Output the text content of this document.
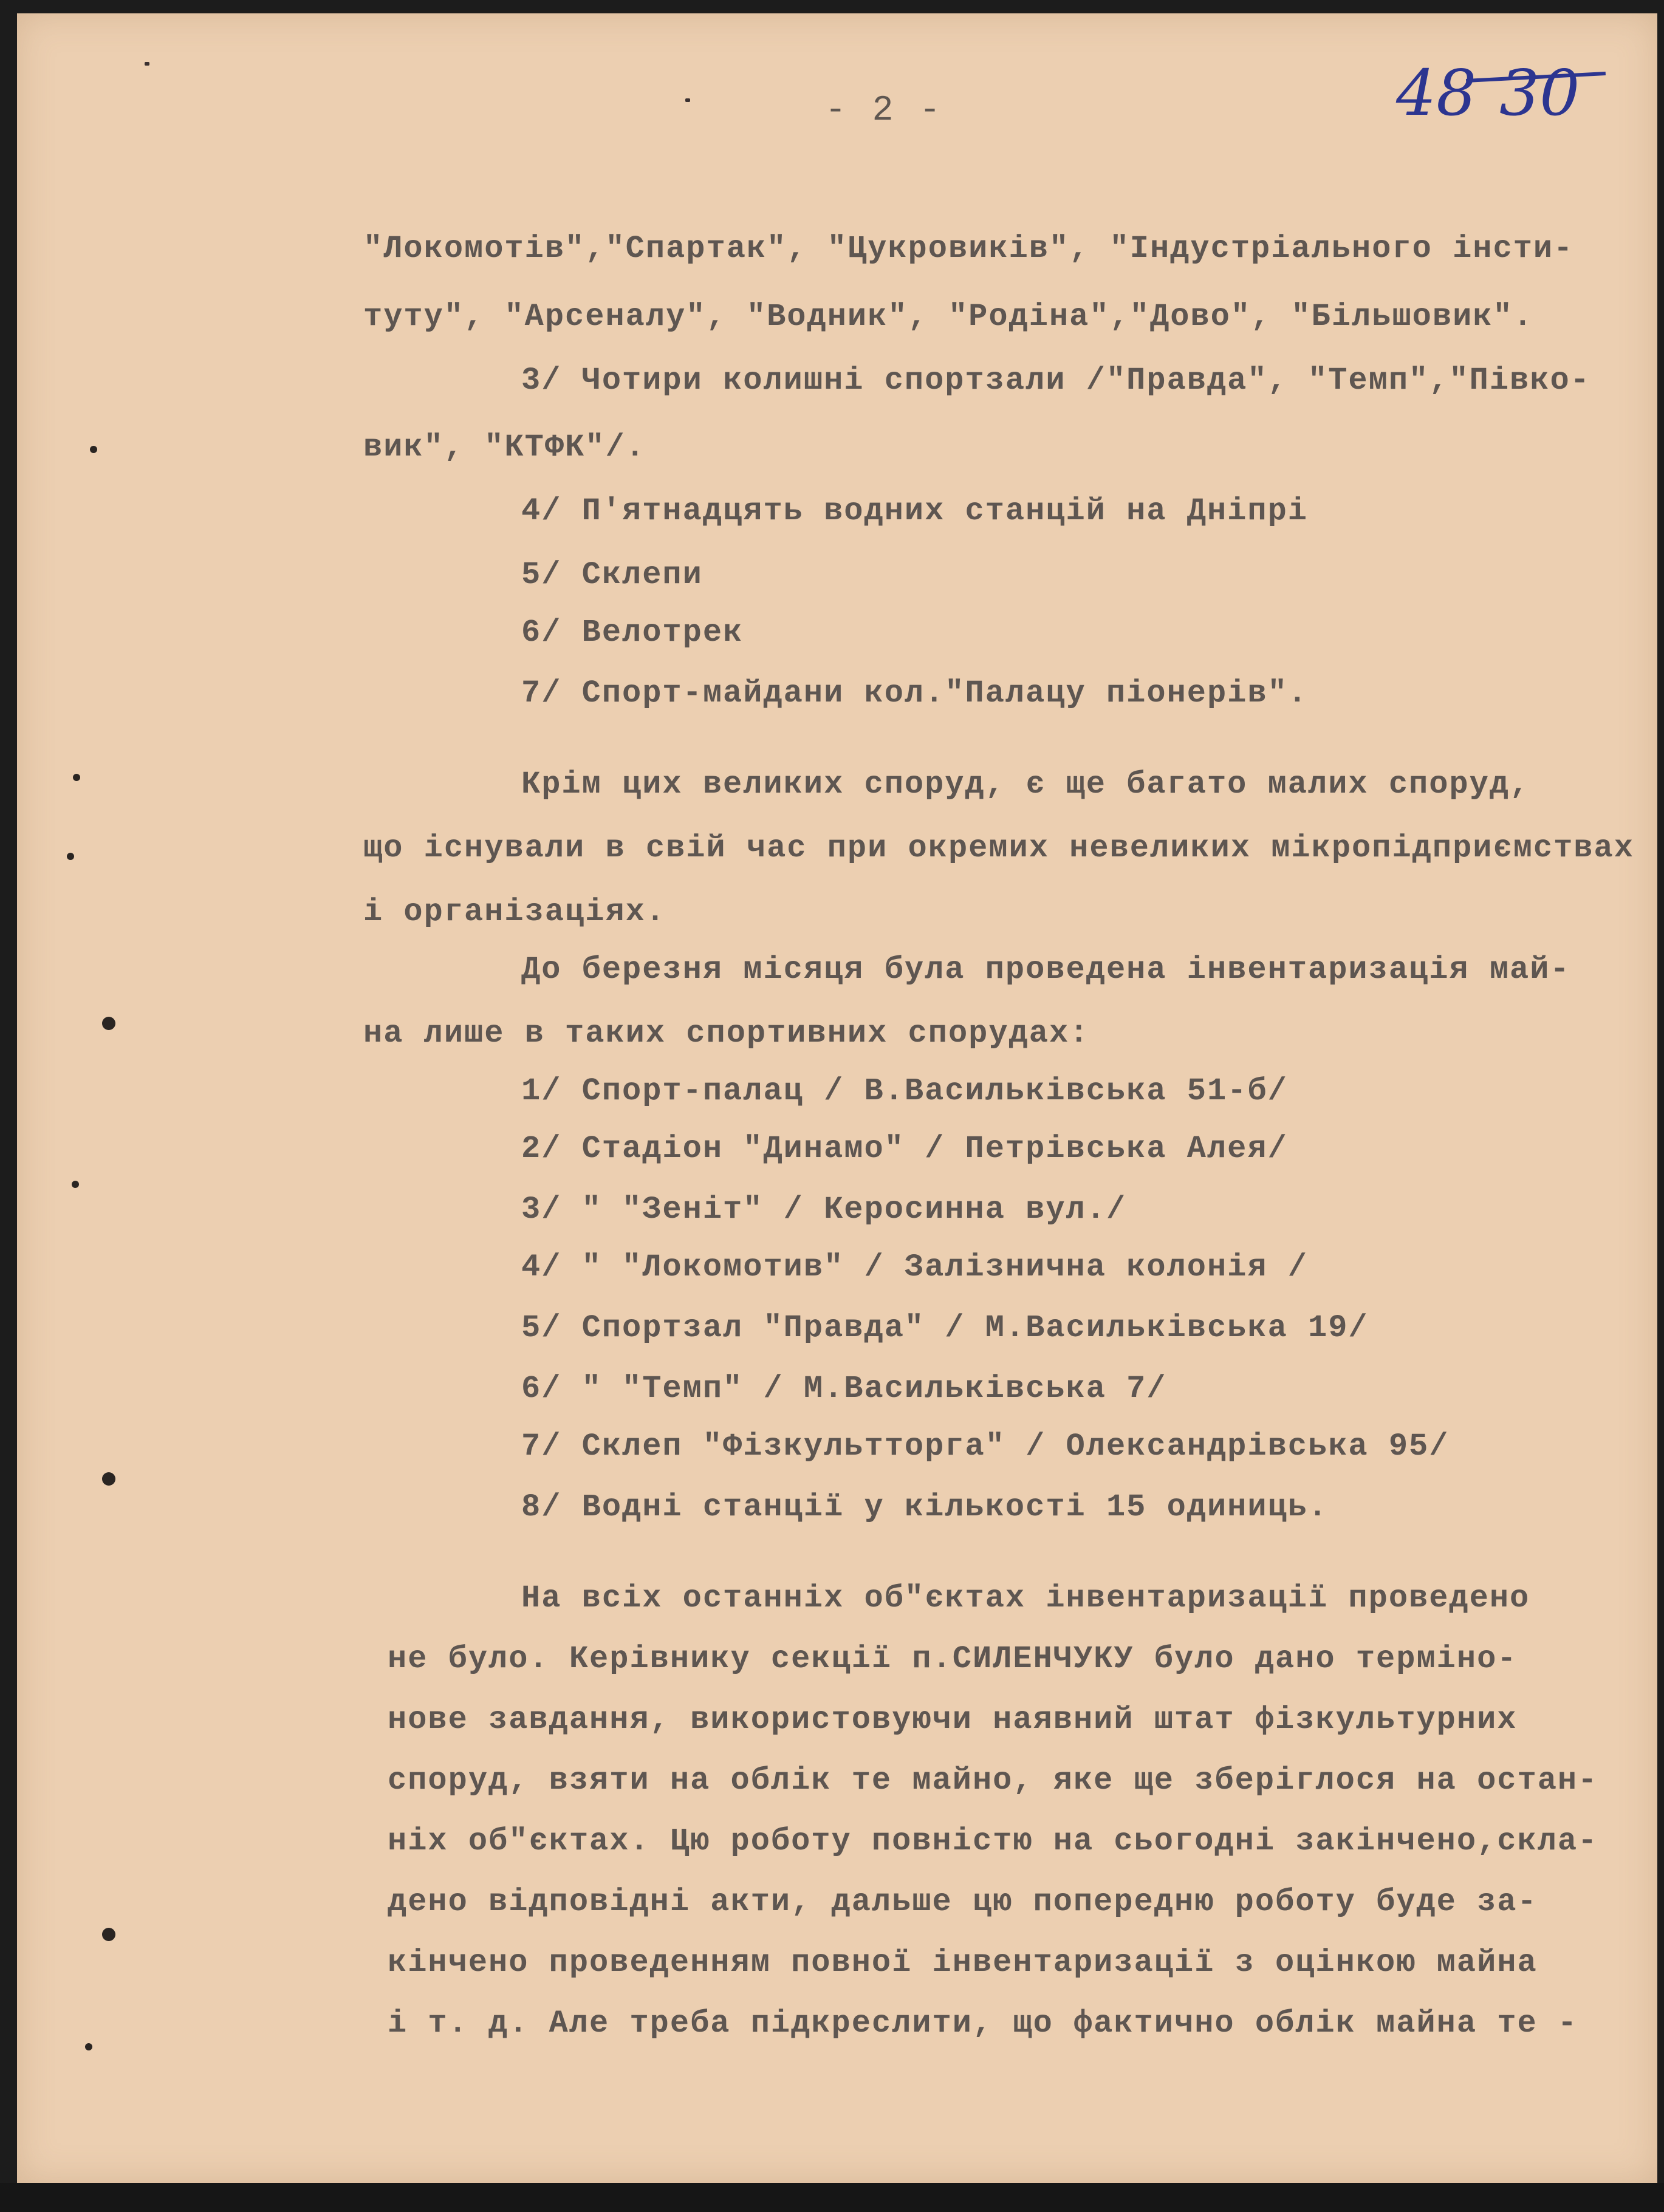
- 2 -	48 30
"Локомотів","Спартак", "Цукровиків", "Індустріального інсти-
туту", "Арсеналу", "Водник", "Родіна","Дово", "Більшовик".
3/ Чотири колишні спортзали /"Правда", "Темп","Півко-
вик", "КТФК"/.
4/ П'ятнадцять водних станцій на Дніпрі
5/ Склепи
6/ Велотрек
7/ Спорт-майдани кол."Палацу піонерів".
Крім цих великих споруд, є ще багато малих споруд,
що існували в свій час при окремих невеликих мікропідприємствах
і організаціях.
До березня місяця була проведена інвентаризація май-
на лише в таких спортивних спорудах:
1/ Спорт-палац / В.Васильківська 51-б/
2/ Стадіон "Динамо" / Петрівська Алея/
3/ " "Зеніт" / Керосинна вул./
4/ " "Локомотив" / Залізнична колонія /
5/ Спортзал "Правда" / М.Васильківська 19/
6/ " "Темп" / М.Васильківська 7/
7/ Склеп "Фізкультторга" / Олександрівська 95/
8/ Водні станції у кількості 15 одиниць.
На всіх останніх об"єктах інвентаризації проведено
не було. Керівнику секції п.СИЛЕНЧУКУ було дано терміно-
нове завдання, використовуючи наявний штат фізкультурних
споруд, взяти на облік те майно, яке ще зберіглося на остан-
ніх об"єктах. Цю роботу повністю на сьогодні закінчено,скла-
дено відповідні акти, дальше цю попередню роботу буде за-
кінчено проведенням повної інвентаризації з оцінкою майна
і т. д. Але треба підкреслити, що фактично облік майна те -
